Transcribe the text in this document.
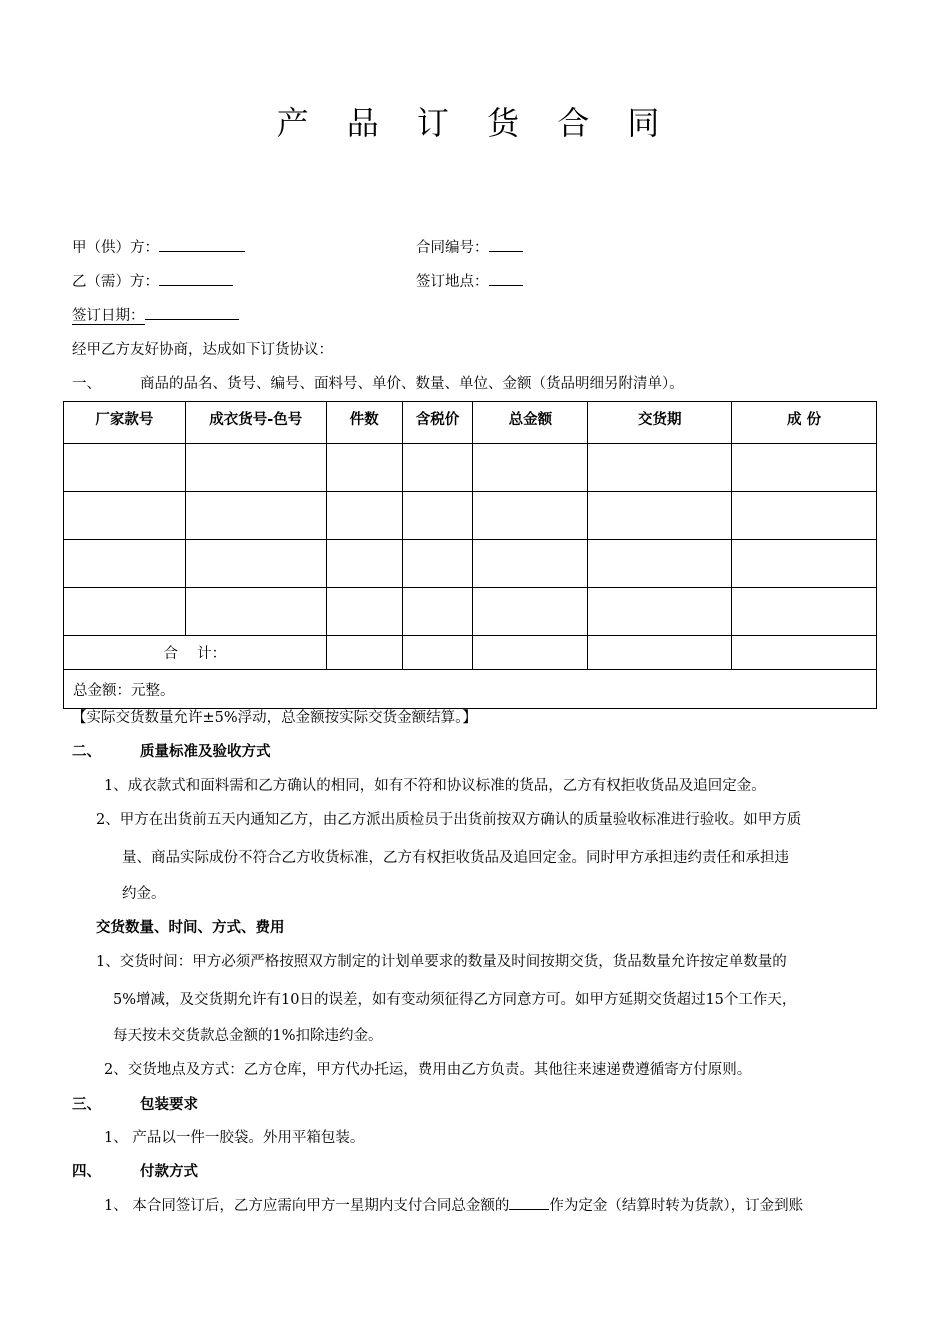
产 品 订 货 合 同
甲（供）方：	合同编号：
乙（需）方：	签订地点：
签订日期：
经甲乙方友好协商，达成如下订货协议：
一、	商品的品名、货号、编号、面料号、单价、数量、单位、金额（货品明细另附清单）。
厂家款号	成衣货号-色号	件数	含税价	总金额	交货期	成 份

合　 计：						
总金额：元整。						
【实际交货数量允许±5%浮动，总金额按实际交货金额结算。】
二、	质量标准及验收方式
1、成衣款式和面料需和乙方确认的相同，如有不符和协议标准的货品，乙方有权拒收货品及追回定金。
2、甲方在出货前五天内通知乙方，由乙方派出质检员于出货前按双方确认的质量验收标准进行验收。如甲方质
量、商品实际成份不符合乙方收货标准，乙方有权拒收货品及追回定金。同时甲方承担违约责任和承担违
约金。
交货数量、时间、方式、费用
1、交货时间：甲方必须严格按照双方制定的计划单要求的数量及时间按期交货，货品数量允许按定单数量的
5%增减，及交货期允许有10日的误差，如有变动须征得乙方同意方可。如甲方延期交货超过15个工作天，
每天按未交货款总金额的1%扣除违约金。
2、交货地点及方式：乙方仓库，甲方代办托运，费用由乙方负责。其他往来速递费遵循寄方付原则。
三、	包装要求
1、 产品以一件一胶袋。外用平箱包装。
四、	付款方式
1、 本合同签订后，乙方应需向甲方一星期内支付合同总金额的	作为定金（结算时转为货款），订金到账
